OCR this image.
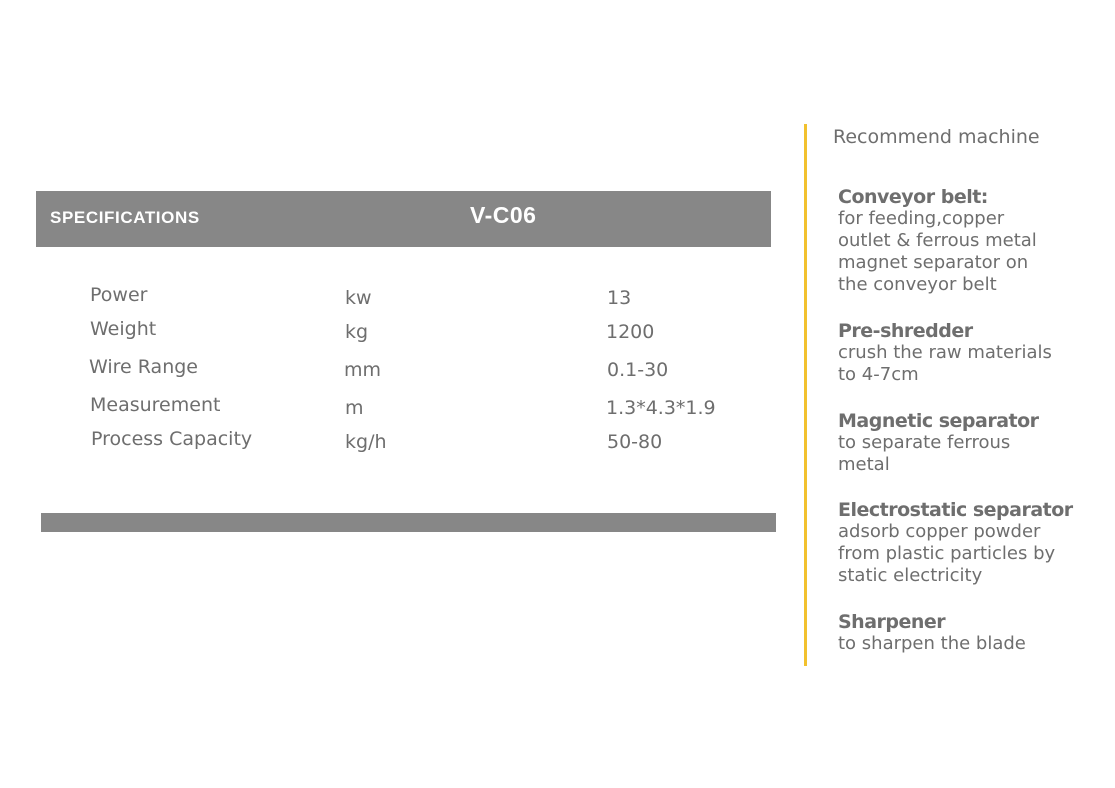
SPECIFICATIONS	V-C06
Power	kw	13
Weight	kg	1200
Wire Range	mm	0.1-30
Measurement	m	1.3*4.3*1.9
Process Capacity	kg/h	50-80
Recommend machine
Conveyor belt:
for feeding,copper
outlet & ferrous metal
magnet separator on
the conveyor belt
Pre-shredder
crush the raw materials
to 4-7cm
Magnetic separator
to separate ferrous
metal
Electrostatic separator
adsorb copper powder
from plastic particles by
static electricity
Sharpener
to sharpen the blade
